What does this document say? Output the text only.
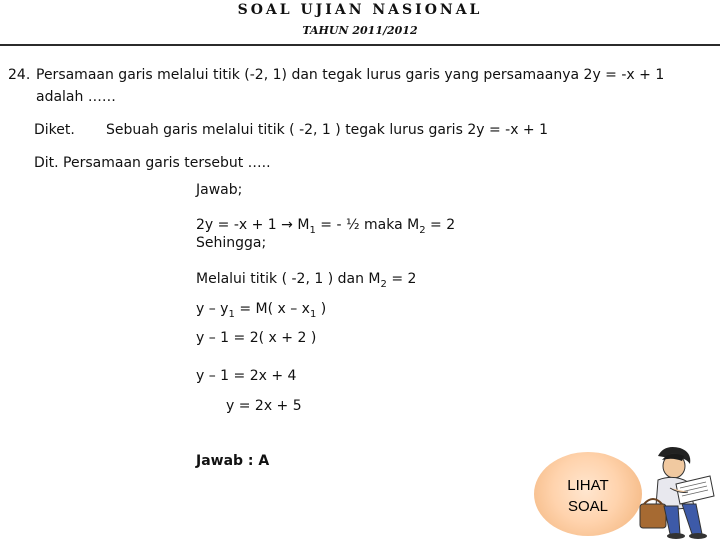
SOAL UJIAN NASIONAL
TAHUN 2011/2012
24. Persamaan garis melalui titik (-2, 1) dan tegak lurus garis yang persamaanya 2y = -x + 1
adalah ……
Diket. Sebuah garis melalui titik ( -2, 1 ) tegak lurus garis 2y = -x + 1
Dit. Persamaan garis tersebut …..
Jawab;
$2y = -x + 1 \to M_1$ = - ½ maka $M_2 = 2$
Sehingga;
Melalui titik ( -2, 1 ) dan $M_2 = 2$
$y - y_1 = M$( x – $x_1$ )
y – 1 = 2( x + 2 )
y – 1 = 2x + 4
y = 2x + 5
Jawab : A
LIHAT
SOAL
